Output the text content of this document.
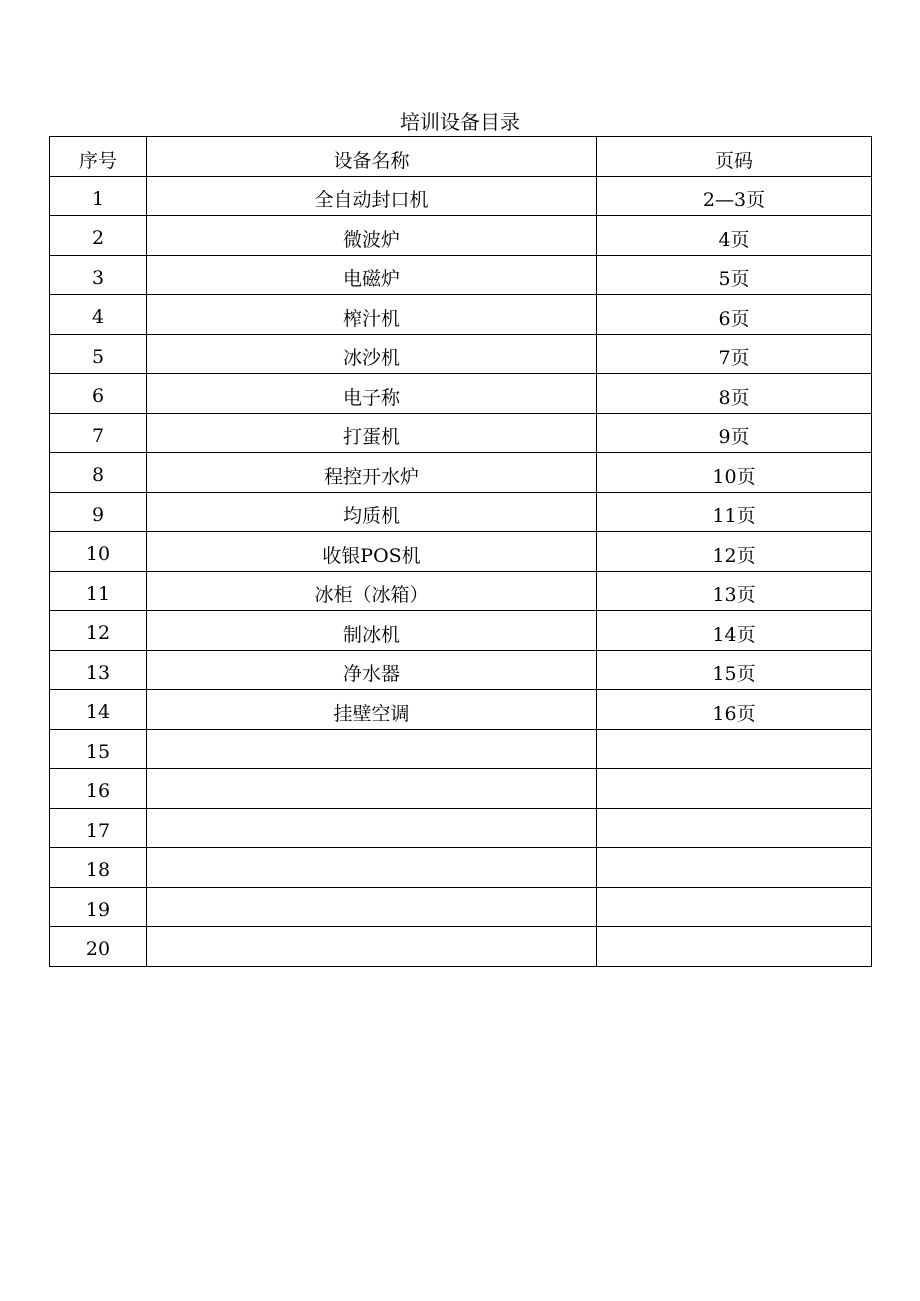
培训设备目录
序号	设备名称	页码
1	全自动封口机	2—3页
2	微波炉	4页
3	电磁炉	5页
4	榨汁机	6页
5	冰沙机	7页
6	电子称	8页
7	打蛋机	9页
8	程控开水炉	10页
9	均质机	11页
10	收银POS机	12页
11	冰柜（冰箱）	13页
12	制冰机	14页
13	净水器	15页
14	挂壁空调	16页
15		
16		
17		
18		
19		
20		
